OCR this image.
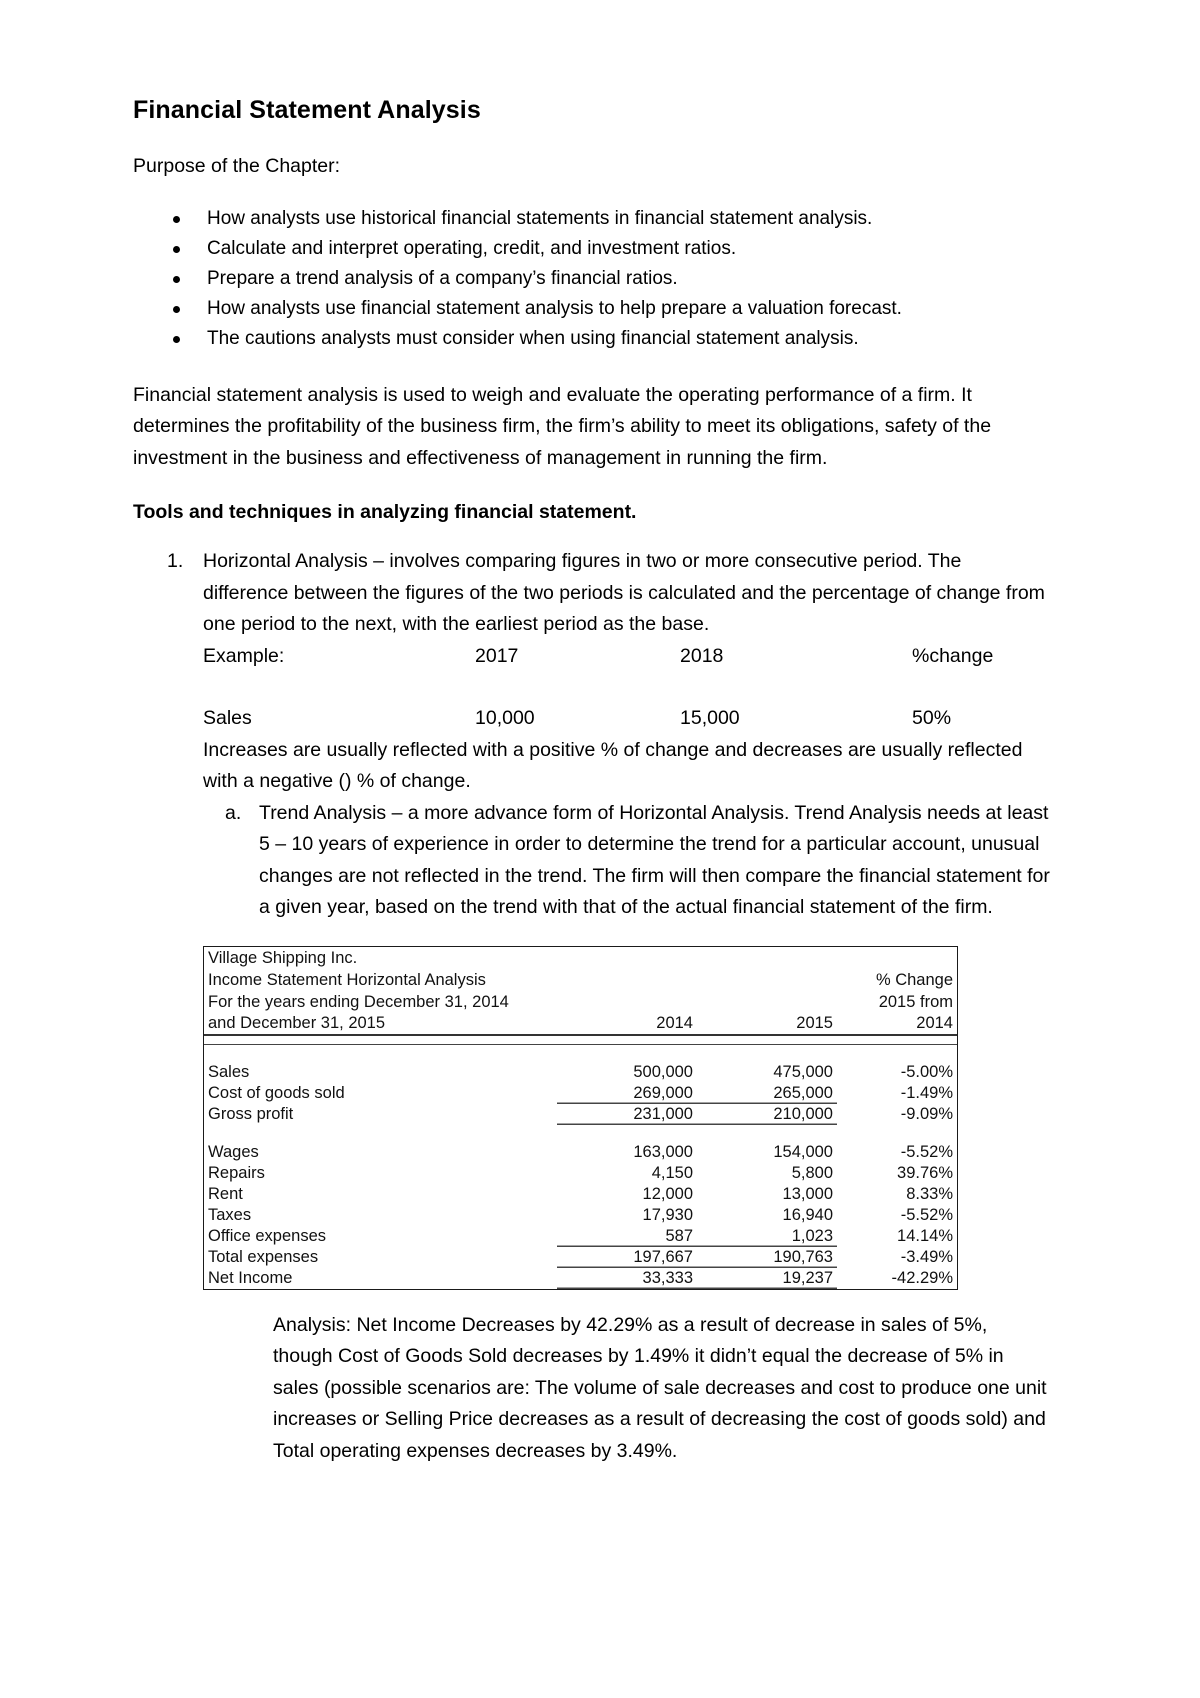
Financial Statement Analysis

Purpose of the Chapter:

How analysts use historical financial statements in financial statement analysis.
Calculate and interpret operating, credit, and investment ratios.
Prepare a trend analysis of a company’s financial ratios.
How analysts use financial statement analysis to help prepare a valuation forecast.
The cautions analysts must consider when using financial statement analysis.

Financial statement analysis is used to weigh and evaluate the operating performance of a firm. It determines the profitability of the business firm, the firm’s ability to meet its obligations, safety of the investment in the business and effectiveness of management in running the firm.

Tools and techniques in analyzing financial statement.
1. Horizontal Analysis – involves comparing figures in two or more consecutive period. The difference between the figures of the two periods is calculated and the percentage of change from one period to the next, with the earliest period as the base.
Example:	2017	2018	%change
Sales	10,000	15,000	50%
Increases are usually reflected with a positive % of change and decreases are usually reflected with a negative () % of change.
a. Trend Analysis – a more advance form of Horizontal Analysis. Trend Analysis needs at least 5 – 10 years of experience in order to determine the trend for a particular account, unusual changes are not reflected in the trend. The firm will then compare the financial statement for a given year, based on the trend with that of the actual financial statement of the firm.
Village Shipping Inc.			
Income Statement Horizontal Analysis			% Change
For the years ending December 31, 2014			2015 from
and December 31, 2015	2014	2015	2014

Sales	500,000	475,000	-5.00%
Cost of goods sold	269,000	265,000	-1.49%
Gross profit	231,000	210,000	-9.09%

Wages	163,000	154,000	-5.52%
Repairs	4,150	5,800	39.76%
Rent	12,000	13,000	8.33%
Taxes	17,930	16,940	-5.52%
Office expenses	587	1,023	14.14%
Total expenses	197,667	190,763	-3.49%
Net Income	33,333	19,237	-42.29%
Analysis: Net Income Decreases by 42.29% as a result of decrease in sales of 5%, though Cost of Goods Sold decreases by 1.49% it didn’t equal the decrease of 5% in sales (possible scenarios are: The volume of sale decreases and cost to produce one unit increases or Selling Price decreases as a result of decreasing the cost of goods sold) and Total operating expenses decreases by 3.49%.
